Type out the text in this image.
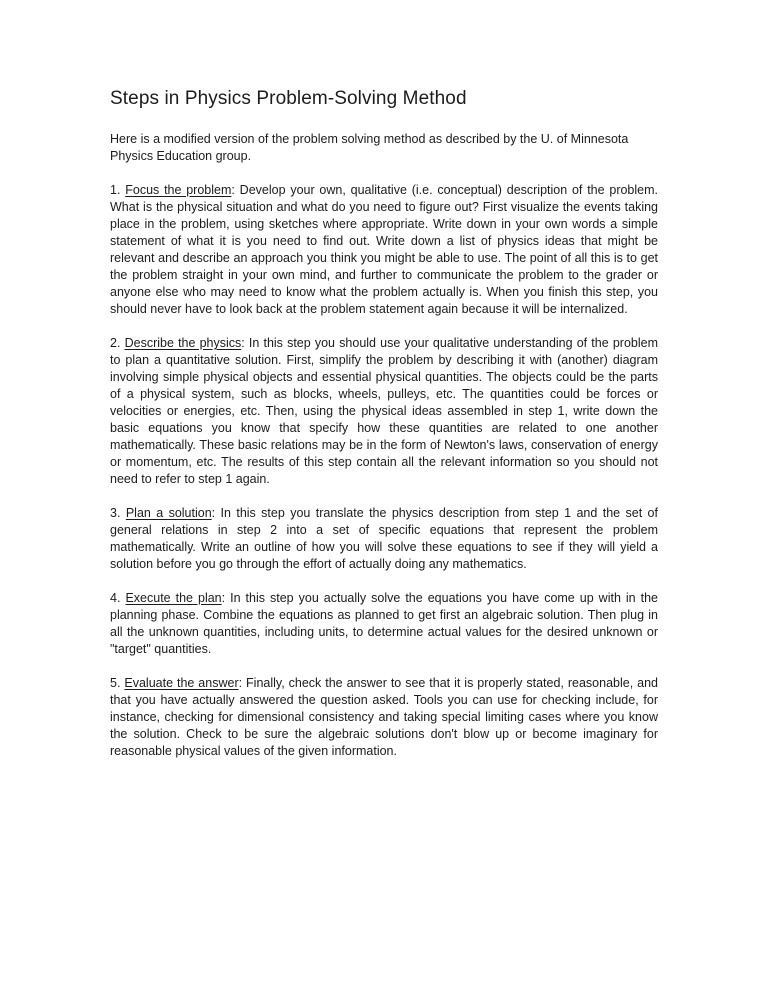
Steps in Physics Problem-Solving Method

Here is a modified version of the problem solving method as described by the U. of Minnesota Physics Education group.

1. Focus the problem: Develop your own, qualitative (i.e. conceptual) description of the problem. What is the physical situation and what do you need to figure out? First visualize the events taking place in the problem, using sketches where appropriate. Write down in your own words a simple statement of what it is you need to find out. Write down a list of physics ideas that might be relevant and describe an approach you think you might be able to use. The point of all this is to get the problem straight in your own mind, and further to communicate the problem to the grader or anyone else who may need to know what the problem actually is. When you finish this step, you should never have to look back at the problem statement again because it will be internalized.

2. Describe the physics: In this step you should use your qualitative understanding of the problem to plan a quantitative solution. First, simplify the problem by describing it with (another) diagram involving simple physical objects and essential physical quantities. The objects could be the parts of a physical system, such as blocks, wheels, pulleys, etc. The quantities could be forces or velocities or energies, etc. Then, using the physical ideas assembled in step 1, write down the basic equations you know that specify how these quantities are related to one another mathematically. These basic relations may be in the form of Newton's laws, conservation of energy or momentum, etc. The results of this step contain all the relevant information so you should not need to refer to step 1 again.

3. Plan a solution: In this step you translate the physics description from step 1 and the set of general relations in step 2 into a set of specific equations that represent the problem mathematically. Write an outline of how you will solve these equations to see if they will yield a solution before you go through the effort of actually doing any mathematics.

4. Execute the plan: In this step you actually solve the equations you have come up with in the planning phase. Combine the equations as planned to get first an algebraic solution. Then plug in all the unknown quantities, including units, to determine actual values for the desired unknown or "target" quantities.

5. Evaluate the answer: Finally, check the answer to see that it is properly stated, reasonable, and that you have actually answered the question asked. Tools you can use for checking include, for instance, checking for dimensional consistency and taking special limiting cases where you know the solution. Check to be sure the algebraic solutions don't blow up or become imaginary for reasonable physical values of the given information.
